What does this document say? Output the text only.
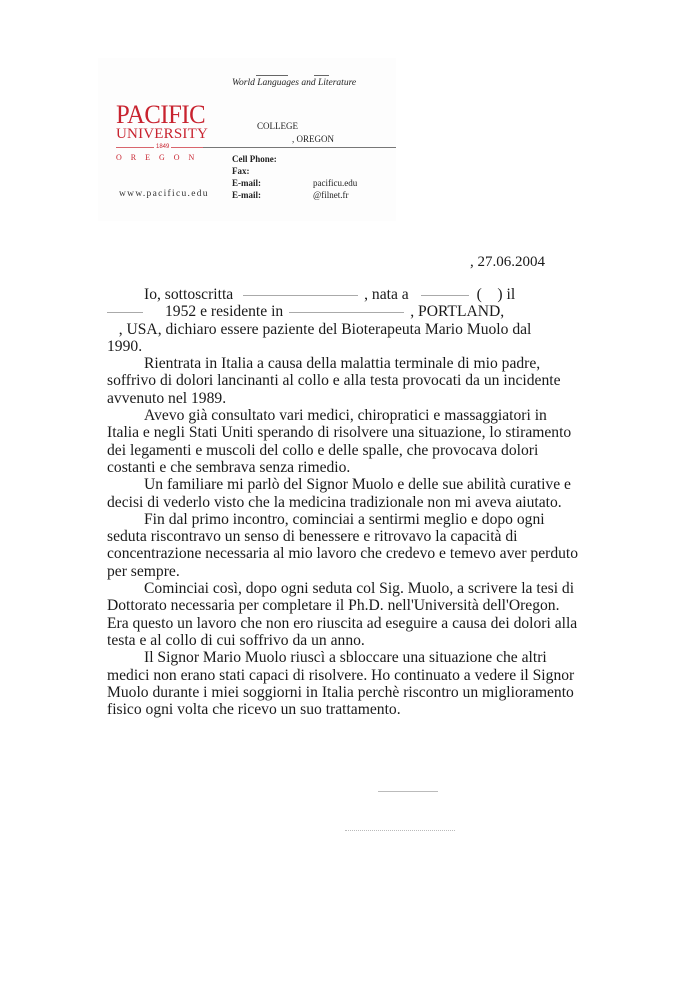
World Languages and Literature
PACIFIC
UNIVERSITY
1849
OREGON
COLLEGE
, OREGON
Cell Phone:
Fax:
E-mail:	pacificu.edu
E-mail:	@filnet.fr
www.pacificu.edu
, 27.06.2004

Io, sottoscritta	, nata a	( ) il

1952 e residente in	, PORTLAND,
, USA, dichiaro essere paziente del Bioterapeuta Mario Muolo dal
1990.

Rientrata in Italia a causa della malattia terminale di mio padre,

soffrivo di dolori lancinanti al collo e alla testa provocati da un incidente
avvenuto nel 1989.

Avevo già consultato vari medici, chiropratici e massaggiatori in

Italia e negli Stati Uniti sperando di risolvere una situazione, lo stiramento
dei legamenti e muscoli del collo e delle spalle, che provocava dolori
costanti e che sembrava senza rimedio.

Un familiare mi parlò del Signor Muolo e delle sue abilità curative e

decisi di vederlo visto che la medicina tradizionale non mi aveva aiutato.

Fin dal primo incontro, cominciai a sentirmi meglio e dopo ogni

seduta riscontravo un senso di benessere e ritrovavo la capacità di
concentrazione necessaria al mio lavoro che credevo e temevo aver perduto
per sempre.

Cominciai così, dopo ogni seduta col Sig. Muolo, a scrivere la tesi di

Dottorato necessaria per completare il Ph.D. nell'Università dell'Oregon.
Era questo un lavoro che non ero riuscita ad eseguire a causa dei dolori alla
testa e al collo di cui soffrivo da un anno.

Il Signor Mario Muolo riuscì a sbloccare una situazione che altri

medici non erano stati capaci di risolvere. Ho continuato a vedere il Signor
Muolo durante i miei soggiorni in Italia perchè riscontro un miglioramento
fisico ogni volta che ricevo un suo trattamento.
